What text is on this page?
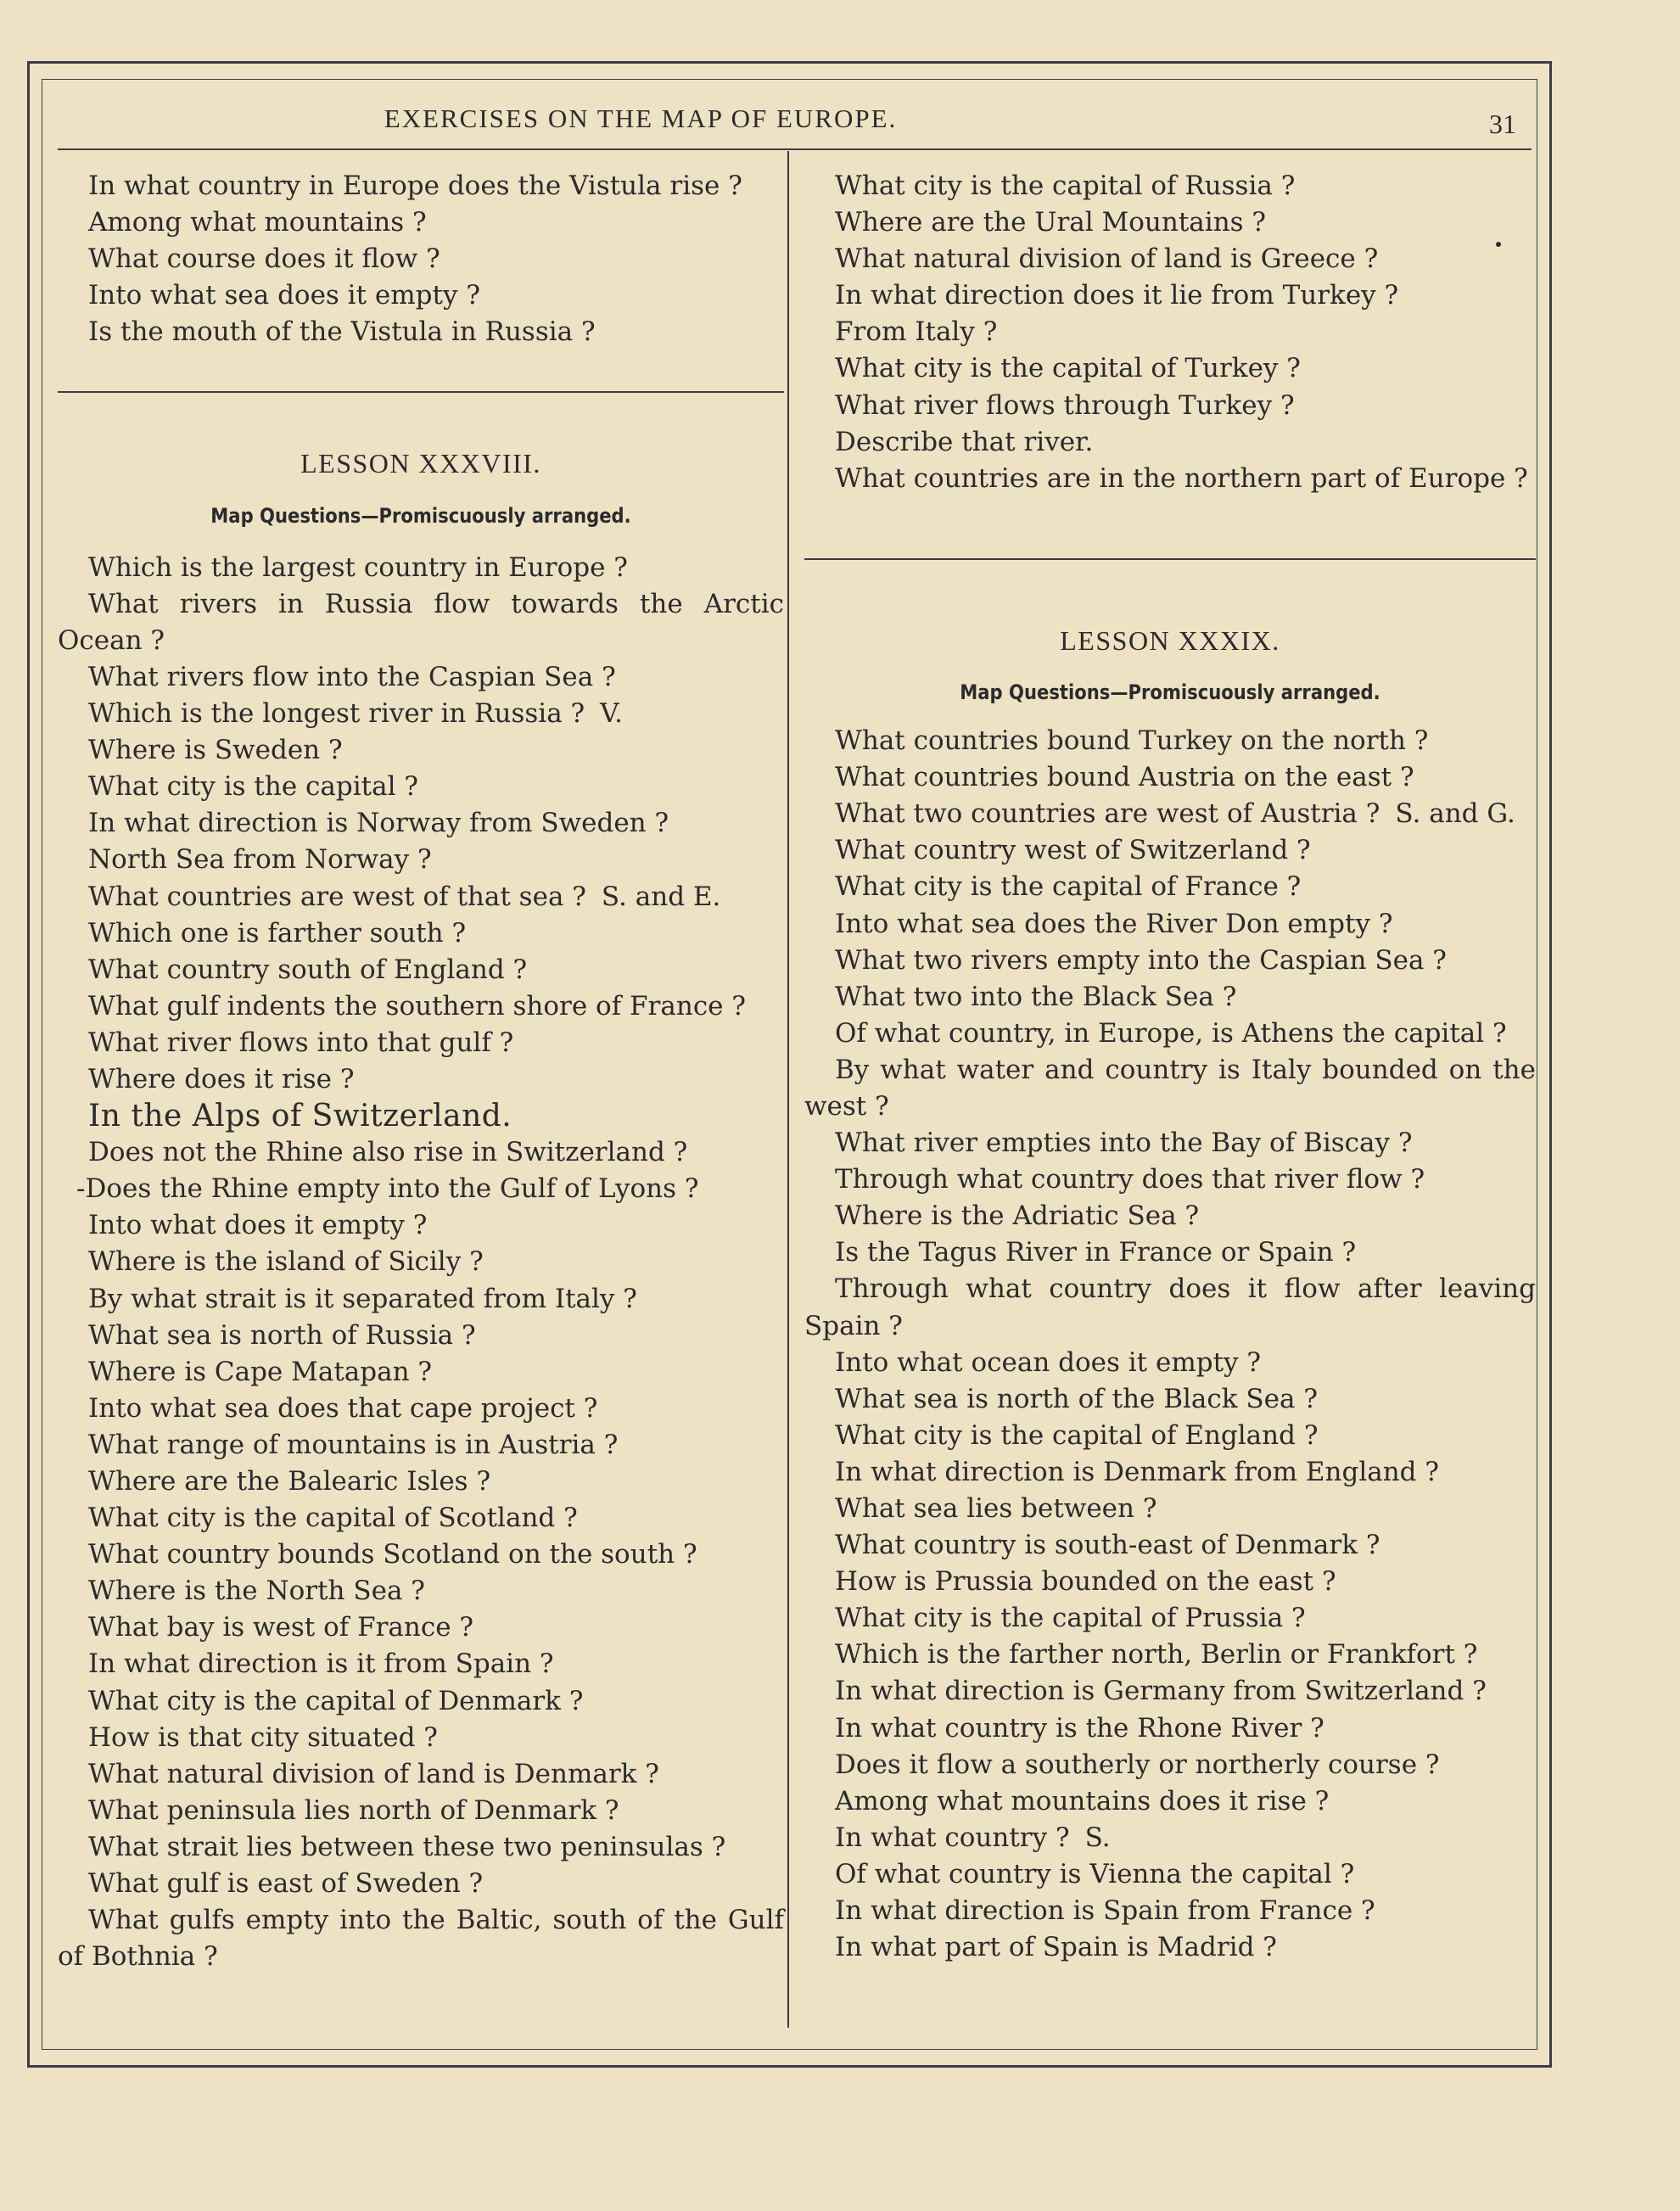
EXERCISES ON THE MAP OF EUROPE.	31
In what country in Europe does the Vistula rise ?
Among what mountains ?
What course does it flow ?
Into what sea does it empty ?
Is the mouth of the Vistula in Russia ?
LESSON XXXVIII.
Map Questions—Promiscuously arranged.
Which is the largest country in Europe ?
What rivers in Russia flow towards the Arctic
Ocean ?
What rivers flow into the Caspian Sea ?
Which is the longest river in Russia ? V.
Where is Sweden ?
What city is the capital ?
In what direction is Norway from Sweden ?
North Sea from Norway ?
What countries are west of that sea ? S. and E.
Which one is farther south ?
What country south of England ?
What gulf indents the southern shore of France ?
What river flows into that gulf ?
Where does it rise ?
In the Alps of Switzerland.
Does not the Rhine also rise in Switzerland ?
-Does the Rhine empty into the Gulf of Lyons ?
Into what does it empty ?
Where is the island of Sicily ?
By what strait is it separated from Italy ?
What sea is north of Russia ?
Where is Cape Matapan ?
Into what sea does that cape project ?
What range of mountains is in Austria ?
Where are the Balearic Isles ?
What city is the capital of Scotland ?
What country bounds Scotland on the south ?
Where is the North Sea ?
What bay is west of France ?
In what direction is it from Spain ?
What city is the capital of Denmark ?
How is that city situated ?
What natural division of land is Denmark ?
What peninsula lies north of Denmark ?
What strait lies between these two peninsulas ?
What gulf is east of Sweden ?
What gulfs empty into the Baltic, south of the Gulf
of Bothnia ?
What city is the capital of Russia ?
Where are the Ural Mountains ?
What natural division of land is Greece ?
In what direction does it lie from Turkey ?
From Italy ?
What city is the capital of Turkey ?
What river flows through Turkey ?
Describe that river.
What countries are in the northern part of Europe ?
LESSON XXXIX.
Map Questions—Promiscuously arranged.
What countries bound Turkey on the north ?
What countries bound Austria on the east ?
What two countries are west of Austria ? S. and G.
What country west of Switzerland ?
What city is the capital of France ?
Into what sea does the River Don empty ?
What two rivers empty into the Caspian Sea ?
What two into the Black Sea ?
Of what country, in Europe, is Athens the capital ?
By what water and country is Italy bounded on the
west ?
What river empties into the Bay of Biscay ?
Through what country does that river flow ?
Where is the Adriatic Sea ?
Is the Tagus River in France or Spain ?
Through what country does it flow after leaving
Spain ?
Into what ocean does it empty ?
What sea is north of the Black Sea ?
What city is the capital of England ?
In what direction is Denmark from England ?
What sea lies between ?
What country is south-east of Denmark ?
How is Prussia bounded on the east ?
What city is the capital of Prussia ?
Which is the farther north, Berlin or Frankfort ?
In what direction is Germany from Switzerland ?
In what country is the Rhone River ?
Does it flow a southerly or northerly course ?
Among what mountains does it rise ?
In what country ? S.
Of what country is Vienna the capital ?
In what direction is Spain from France ?
In what part of Spain is Madrid ?
